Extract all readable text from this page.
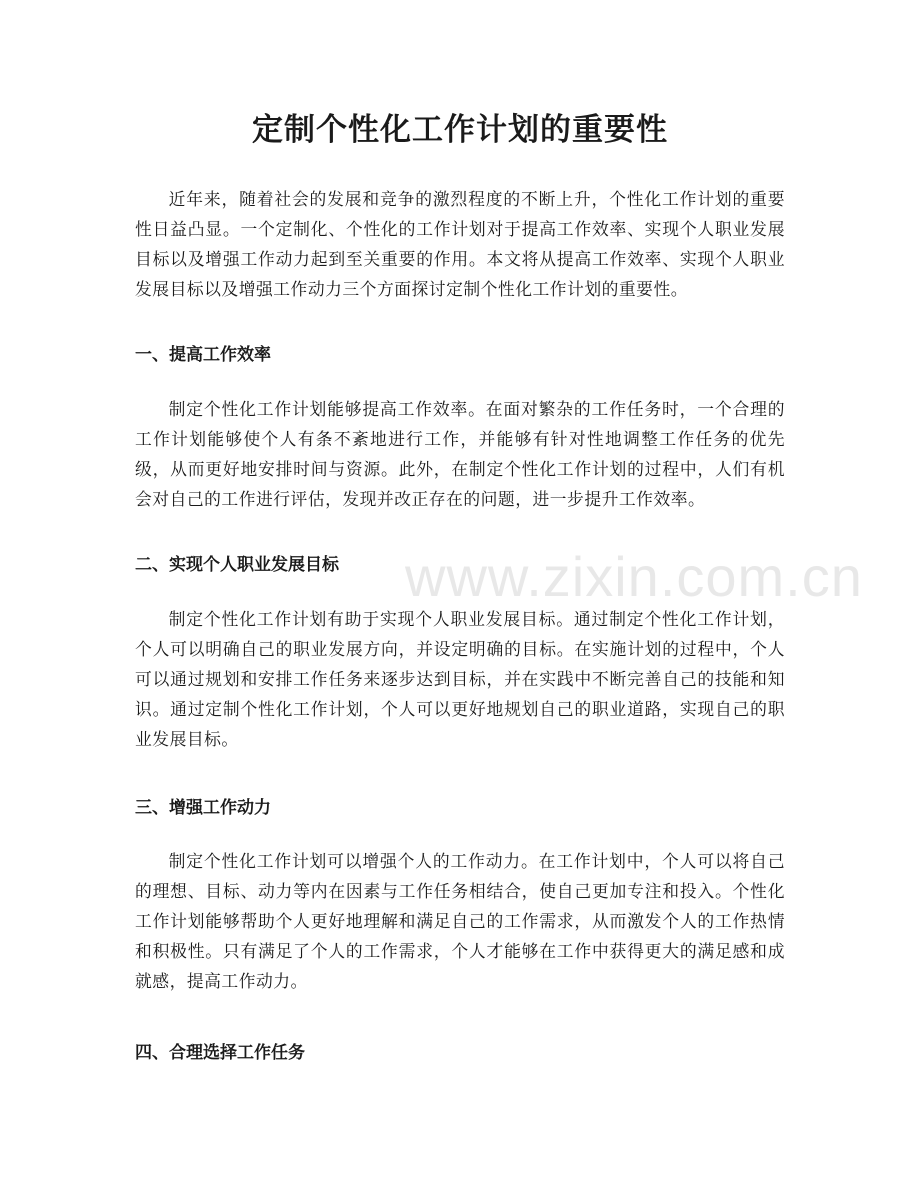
定制个性化工作计划的重要性

近年来，随着社会的发展和竞争的激烈程度的不断上升，个性化工作计划的重要性日益凸显。一个定制化、个性化的工作计划对于提高工作效率、实现个人职业发展目标以及增强工作动力起到至关重要的作用。本文将从提高工作效率、实现个人职业发展目标以及增强工作动力三个方面探讨定制个性化工作计划的重要性。

一、提高工作效率

制定个性化工作计划能够提高工作效率。在面对繁杂的工作任务时，一个合理的工作计划能够使个人有条不紊地进行工作，并能够有针对性地调整工作任务的优先级，从而更好地安排时间与资源。此外，在制定个性化工作计划的过程中，人们有机会对自己的工作进行评估，发现并改正存在的问题，进一步提升工作效率。

二、实现个人职业发展目标

制定个性化工作计划有助于实现个人职业发展目标。通过制定个性化工作计划，个人可以明确自己的职业发展方向，并设定明确的目标。在实施计划的过程中，个人可以通过规划和安排工作任务来逐步达到目标，并在实践中不断完善自己的技能和知识。通过定制个性化工作计划，个人可以更好地规划自己的职业道路，实现自己的职业发展目标。

三、增强工作动力

制定个性化工作计划可以增强个人的工作动力。在工作计划中，个人可以将自己的理想、目标、动力等内在因素与工作任务相结合，使自己更加专注和投入。个性化工作计划能够帮助个人更好地理解和满足自己的工作需求，从而激发个人的工作热情和积极性。只有满足了个人的工作需求，个人才能够在工作中获得更大的满足感和成就感，提高工作动力。

四、合理选择工作任务
www.zixin.com.cn
